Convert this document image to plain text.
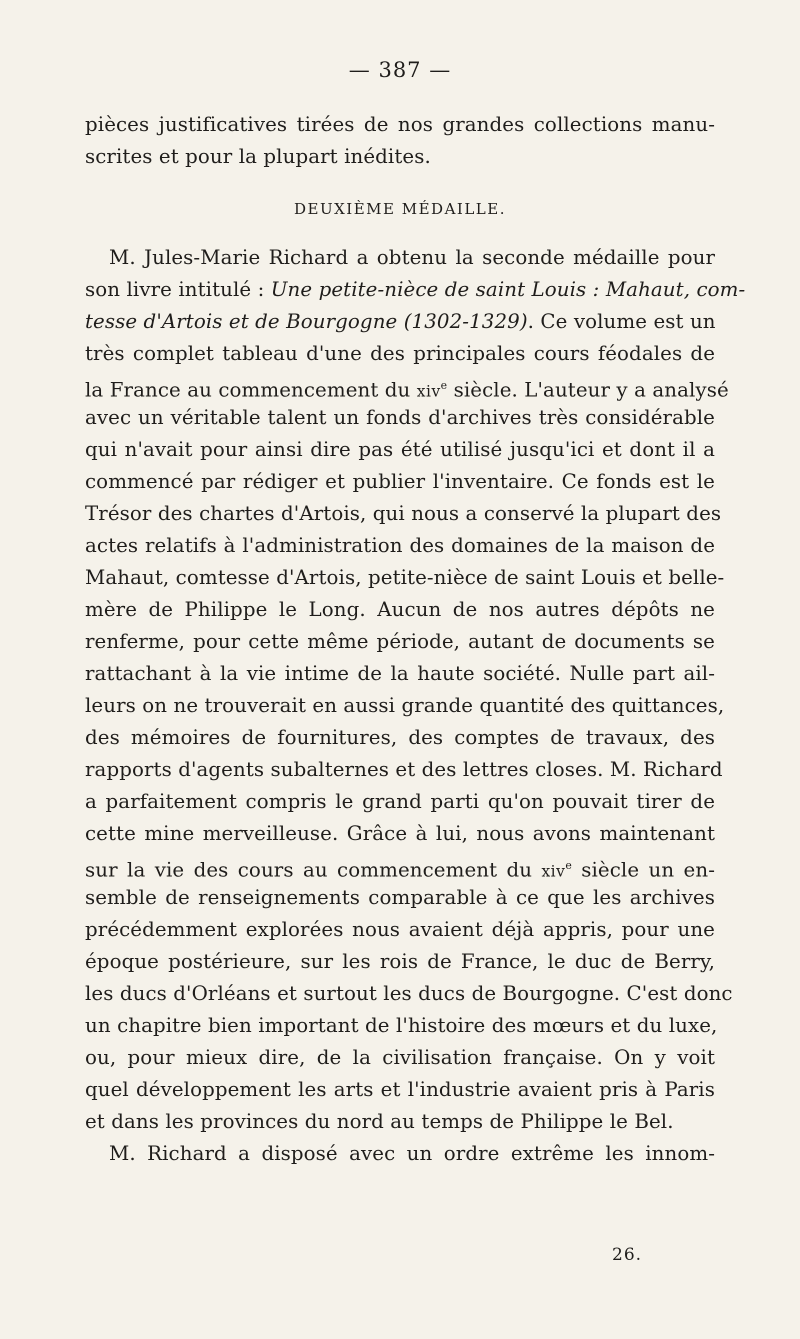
— 387 —
pièces justificatives tirées de nos grandes collections manu-
scrites et pour la plupart inédites.
DEUXIÈME MÉDAILLE.
M. Jules-Marie Richard a obtenu la seconde médaille pour
son livre intitulé : Une petite-nièce de saint Louis : Mahaut, com-
tesse d'Artois et de Bourgogne (1302-1329). Ce volume est un
très complet tableau d'une des principales cours féodales de
la France au commencement du xiv$^e$ siècle. L'auteur y a analysé
avec un véritable talent un fonds d'archives très considérable
qui n'avait pour ainsi dire pas été utilisé jusqu'ici et dont il a
commencé par rédiger et publier l'inventaire. Ce fonds est le
Trésor des chartes d'Artois, qui nous a conservé la plupart des
actes relatifs à l'administration des domaines de la maison de
Mahaut, comtesse d'Artois, petite-nièce de saint Louis et belle-
mère de Philippe le Long. Aucun de nos autres dépôts ne
renferme, pour cette même période, autant de documents se
rattachant à la vie intime de la haute société. Nulle part ail-
leurs on ne trouverait en aussi grande quantité des quittances,
des mémoires de fournitures, des comptes de travaux, des
rapports d'agents subalternes et des lettres closes. M. Richard
a parfaitement compris le grand parti qu'on pouvait tirer de
cette mine merveilleuse. Grâce à lui, nous avons maintenant
sur la vie des cours au commencement du xiv$^e$ siècle un en-
semble de renseignements comparable à ce que les archives
précédemment explorées nous avaient déjà appris, pour une
époque postérieure, sur les rois de France, le duc de Berry,
les ducs d'Orléans et surtout les ducs de Bourgogne. C'est donc
un chapitre bien important de l'histoire des mœurs et du luxe,
ou, pour mieux dire, de la civilisation française. On y voit
quel développement les arts et l'industrie avaient pris à Paris
et dans les provinces du nord au temps de Philippe le Bel.
M. Richard a disposé avec un ordre extrême les innom-
26.
